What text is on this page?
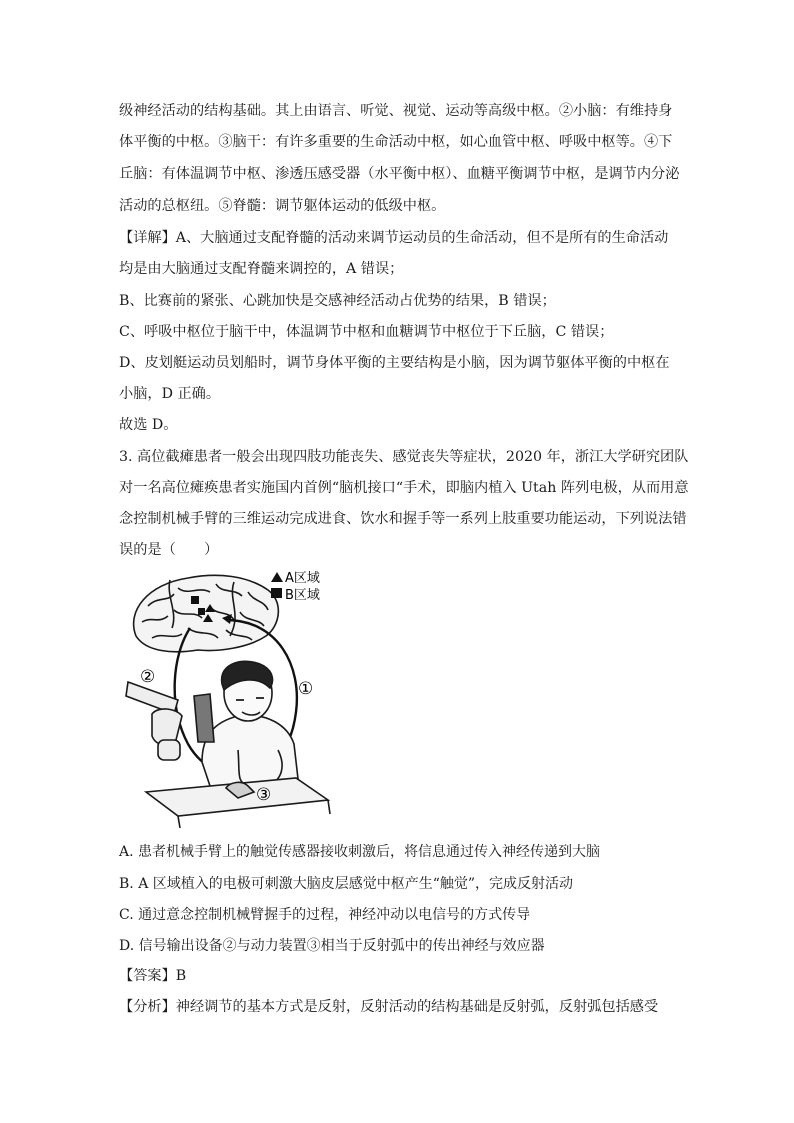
级神经活动的结构基础。其上由语言、听觉、视觉、运动等高级中枢。②小脑：有维持身
体平衡的中枢。③脑干：有许多重要的生命活动中枢，如心血管中枢、呼吸中枢等。④下
丘脑：有体温调节中枢、渗透压感受器（水平衡中枢）、血糖平衡调节中枢，是调节内分泌
活动的总枢纽。⑤脊髓：调节躯体运动的低级中枢。
【详解】A、大脑通过支配脊髓的活动来调节运动员的生命活动，但不是所有的生命活动
均是由大脑通过支配脊髓来调控的，A 错误；
B、比赛前的紧张、心跳加快是交感神经活动占优势的结果，B 错误；
C、呼吸中枢位于脑干中，体温调节中枢和血糖调节中枢位于下丘脑，C 错误；
D、皮划艇运动员划船时，调节身体平衡的主要结构是小脑，因为调节躯体平衡的中枢在
小脑，D 正确。
故选 D。
3. 高位截瘫患者一般会出现四肢功能丧失、感觉丧失等症状，2020 年，浙江大学研究团队
对一名高位瘫痪患者实施国内首例“脑机接口“手术，即脑内植入 Utah 阵列电极，从而用意
念控制机械手臂的三维运动完成进食、饮水和握手等一系列上肢重要功能运动，下列说法错
误的是（　　）
A区域
B区域
①
②
③
A. 患者机械手臂上的触觉传感器接收刺激后，将信息通过传入神经传递到大脑
B. A 区域植入的电极可刺激大脑皮层感觉中枢产生“触觉”，完成反射活动
C. 通过意念控制机械臂握手的过程，神经冲动以电信号的方式传导
D. 信号输出设备②与动力装置③相当于反射弧中的传出神经与效应器
【答案】B
【分析】神经调节的基本方式是反射，反射活动的结构基础是反射弧，反射弧包括感受
